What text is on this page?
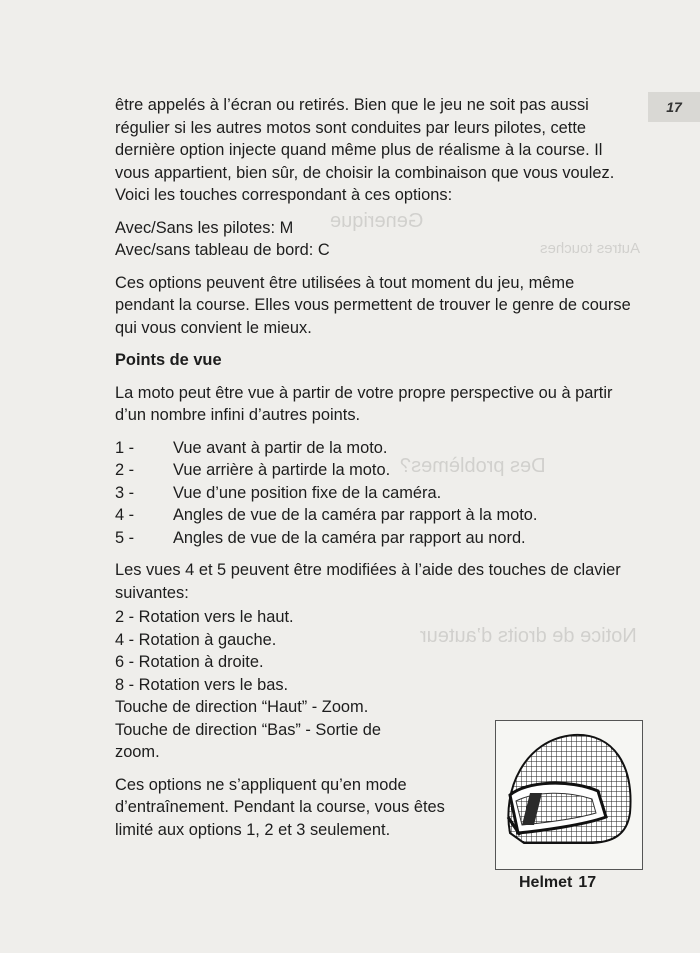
Generique
Autres touches
Des problèmes?
Notice de droits d’auteur
17

être appelés à l’écran ou retirés. Bien que le jeu ne soit pas aussi régulier si les autres motos sont conduites par leurs pilotes, cette dernière option injecte quand même plus de réalisme à la course. Il vous appartient, bien sûr, de choisir la combinaison que vous voulez. Voici les touches correspondant à ces options:

Avec/Sans les pilotes: M
Avec/sans tableau de bord: C

Ces options peuvent être utilisées à tout moment du jeu, même pendant la course. Elles vous permettent de trouver le genre de course qui vous convient le mieux.

Points de vue

La moto peut être vue à partir de votre propre perspective ou à partir d’un nombre infini d’autres points.

1 -	Vue avant à partir de la moto.
2 -	Vue arrière à partirde la moto.
3 -	Vue d’une position fixe de la caméra.
4 -	Angles de vue de la caméra par rapport à la moto.
5 -	Angles de vue de la caméra par rapport au nord.

Les vues 4 et 5 peuvent être modifiées à l’aide des touches de clavier suivantes:

2 - Rotation vers le haut.
4 - Rotation à gauche.
6 - Rotation à droite.
8 - Rotation vers le bas.
Touche de direction “Haut” - Zoom.
Touche de direction “Bas” - Sortie de zoom.

Ces options ne s’appliquent qu’en mode d’entraînement. Pendant la course, vous êtes limité aux options 1, 2 et 3 seulement.

Helmet 17
